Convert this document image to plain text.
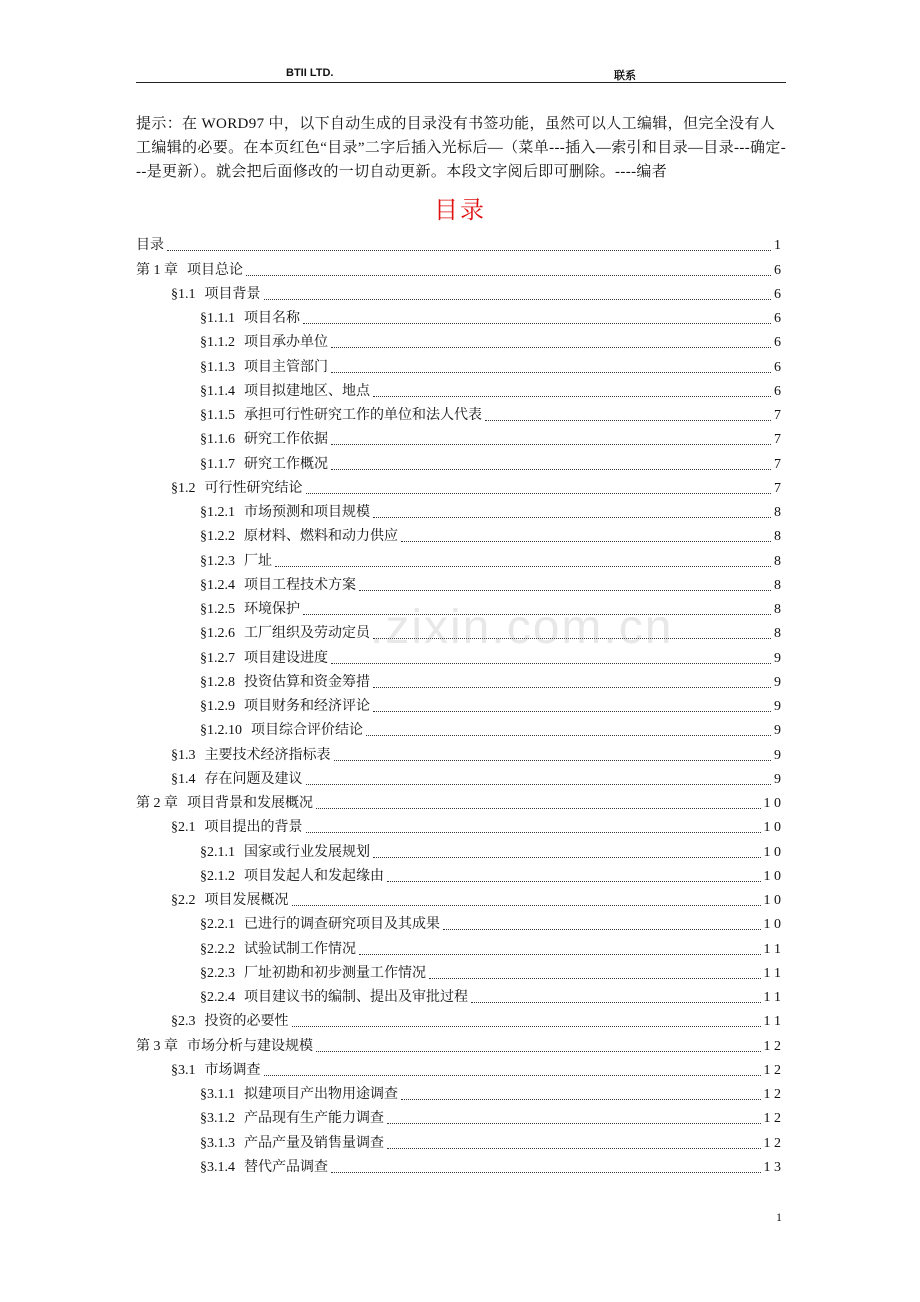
BTII LTD.	联系
提示：在 WORD97 中，以下自动生成的目录没有书签功能，虽然可以人工编辑，但完全没有人工编辑的必要。在本页红色“目录”二字后插入光标后—（菜单---插入—索引和目录—目录---确定---是更新）。就会把后面修改的一切自动更新。本段文字阅后即可删除。----编者
目录
目录	1
第 1 章 项目总论	6
§1.1 项目背景	6
§1.1.1 项目名称	6
§1.1.2 项目承办单位	6
§1.1.3 项目主管部门	6
§1.1.4 项目拟建地区、地点	6
§1.1.5 承担可行性研究工作的单位和法人代表	7
§1.1.6 研究工作依据	7
§1.1.7 研究工作概况	7
§1.2 可行性研究结论	7
§1.2.1 市场预测和项目规模	8
§1.2.2 原材料、燃料和动力供应	8
§1.2.3 厂址	8
§1.2.4 项目工程技术方案	8
§1.2.5 环境保护	8
§1.2.6 工厂组织及劳动定员	8
§1.2.7 项目建设进度	9
§1.2.8 投资估算和资金筹措	9
§1.2.9 项目财务和经济评论	9
§1.2.10 项目综合评价结论	9
§1.3 主要技术经济指标表	9
§1.4 存在问题及建议	9
第 2 章 项目背景和发展概况	1 0
§2.1 项目提出的背景	1 0
§2.1.1 国家或行业发展规划	1 0
§2.1.2 项目发起人和发起缘由	1 0
§2.2 项目发展概况	1 0
§2.2.1 已进行的调查研究项目及其成果	1 0
§2.2.2 试验试制工作情况	1 1
§2.2.3 厂址初勘和初步测量工作情况	1 1
§2.2.4 项目建议书的编制、提出及审批过程	1 1
§2.3 投资的必要性	1 1
第 3 章 市场分析与建设规模	1 2
§3.1 市场调查	1 2
§3.1.1 拟建项目产出物用途调查	1 2
§3.1.2 产品现有生产能力调查	1 2
§3.1.3 产品产量及销售量调查	1 2
§3.1.4 替代产品调查	1 3
.zixin.com.cn
1
